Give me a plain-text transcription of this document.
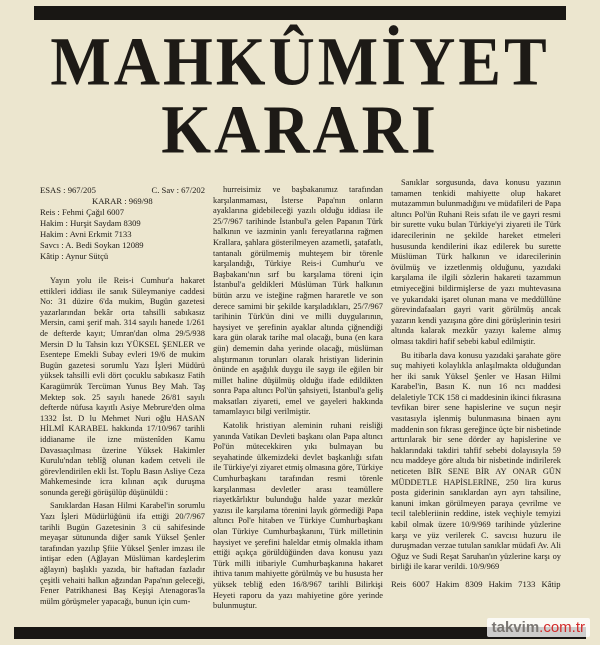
MAHKÛMİYET
KARARI
ESAS : 967/205	C. Sav : 67/202
KARAR : 969/98
Reis : Fehmi Çağıl 6007
Hakim : Hurşit Saydam 8309
Hakim : Avni Erkmit 7133
Savcı : A. Bedi Soykan 12089
Kâtip : Aynur Sütçü

Yayın yolu ile Reis-i Cumhur'a hakaret ettikleri iddiası ile sanık Süleymaniye caddesi No: 31 düzire 6'da mukim, Bugün gazetesi yazarlarından bekâr orta tahsilli sabıkasız Mersin, cami şerif mah. 314 sayılı hanede 1/261 de defterde kayıt; Umran'dan olma 29/5/938 Mersin D lu Tahsin kızı YÜKSEL ŞENLER ve Esentepe Emekli Subay evleri 19/6 de mukim Bugün gazetesi sorumlu Yazı İşleri Müdürü yüksek tahsilli evli dört çocuklu sabıkasız Fatih Karagümrük Tercüman Yunus Bey Mah. Taş Mektep sok. 25 sayılı hanede 26/81 sayılı defterde nüfusa kayıtlı Asiye Mebrure'den olma 1332 İst. D lu Mehmet Nuri oğlu HASAN HİLMİ KARABEL hakkında 17/10/967 tarihli iddianame ile izne müstenîden Kamu Davasıaçılması üzerine Yüksek Hakimler Kurulu'ndan teblîğ olunan kadem cetveli ile görevlendirilen ekli İst. Toplu Basın Asliye Ceza Mahkemesinde icra kılınan açık duruşma sonunda gereği görüşülüp düşünüldü :

Sanıklardan Hasan Hilmi Karabel'in sorumlu Yazı İşleri Müdürlüğünü ifa ettiği 20/7/967 tarihli Bugün Gazetesinin 3 cü sahifesinde meyaşar sütununda diğer sanık Yüksel Şenler tarafından yazılıp Şfiie Yüksel Şenler imzası ile intişar eden (Ağlayan Müslüman kardeşlerim ağlayın) başlıklı yazıda, bir haftadan fazladır çeşitli vehaiti halkın ağzından Papa'nın geleceği, Fener Patrikhanesi Baş Keşişi Atenagoras'la mülm görüşmeler yapacağı, bunun için cum-

hurreisimiz ve başbakanımız tarafından karşılanmaması, İsterse Papa'nın onların ayaklarına gidebileceği yazılı olduğu iddiası ile 25/7/967 tarihinde İstanbul'a gelen Papanın Türk halkının ve iazminin yanlı fereyatlarına rağmen Krallara, şahlara gösterilmeyen azametli, şatafatlı, tantanalı görülmemiş muhteşem bir törenle karşılandığı, Türkiye Reis-i Cumhur'u ve Başbakanı'nın sırf bu karşılama töreni için İstanbul'a geldikleri Müslüman Türk halkının bütün arzu ve isteğine rağmen hararetle ve son derece samimi bir şekilde karşıladıkları, 25/7/967 tarihinin Türk'ün dini ve milli duygularının, haysiyet ve şerefinin ayaklar altında çiğnendiği kara gün olarak tarihe mal olacağı, buna (en kara gün) dememin daha yerinde olacağı, müslüman alıştırmanın torunları olarak hristiyan liderinin önünde en aşağılık duygu ile saygı ile eğilen bir millet haline düşülmüş olduğu ifade edildikten sonra Papa altıncı Pol'ün şahsiyeti, İstanbul'a geliş maksatları ziyareti, emel ve gayeleri hakkında tamamlayıcı bilgi verilmiştir.

Katolik hristiyan aleminin ruhani reisliği yanında Vatikan Devleti başkanı olan Papa altıncı Pol'ün mütecekkiren yıkı bulmayan bu seyahatinde ülkemizdeki devlet başkanlığı sıfatı ile Türkiye'yi ziyaret etmiş olmasına göre, Türkiye Cumhurbaşkanı tarafından resmi törenle karşılanması devletler arası teamüllere riayetkârlıktır bulunduğu halde yazar mezkûr yazısı ile karşılama törenini layık görmediği Papa altıncı Pol'e hitaben ve Türkiye Cumhurbaşkanı olan Türkiye Cumhurbaşkanını, Türk milletinin haysiyet ve şerefini haleldar etmiş olmakla itham ettiği açıkça görüldüğünden dava konusu yazı Türk milli itibariyle Cumhurbaşkanına hakaret ihtiva tanım mahiyette görülmüş ve bu hususta her yüksek tebliğ eden 16/8/967 tarihli Bilirkişi Heyeti raporu da yazı mahiyetine göre yerinde bulunmuştur.

Sanıklar sorgusunda, dava konusu yazının tamamen tenkidi mahiyette olup hakaret mutazammın bulunmadığını ve müdafileri de Papa altıncı Pol'ün Ruhani Reis sıfatı ile ve gayri resmi bir surette vuku bulan Türkiye'yi ziyareti ile Türk idarecilerinin ne şekilde hareket etmeleri hususunda kendilerini ikaz edilerek bu surette Müslüman Türk halkının ve idarecilerinin övülmüş ve izzetlenmiş olduğunu, yazıdaki karşılama ile ilgili sözlerin hakareti tazammun etmiyeceğini bildirmişlerse de yazı muhtevasına ve yukarıdaki işaret olunan mana ve meddüllüne görevindafaaları gayri varit görülmüş ancak yazarın kendi yazışına göre dini görüşlerinin tesiri altında kalarak mezkûr yazıyı kaleme almış olması takdiri hafif sebebi kabul edilmiştir.

Bu itibarla dava konusu yazıdaki şarahate göre suç mahiyeti kolaylıkla anlaşılmakta olduğundan her iki sanık Yüksel Şenler ve Hasan Hilmi Karabel'in, Basın K. nun 16 ncı maddesi delaletiyle TCK 158 ci maddesinin ikinci fıkrasına tevfikan birer sene hapislerine ve suçun neşir vasıtasıyla işlenmiş bulunmasına binaen aynı maddenin son fıkrası gereğince üçte bir nisbetinde arttırılarak bir sene dörder ay hapislerine ve haklarındaki takdiri tahfif sebebi dolayısıyla 59 ncu maddeye göre altıda bir nisbetinde indirilerek neticeten BİR SENE BİR AY ONAR GÜN MÜDDETLE HAPİSLERİNE, 250 lira kurus posta giderinin sanıklardan ayrı ayrı tahsiline, kanuni imkan görülmeyen paraya çevrilme ve tecil talebleriinin reddine, istek veçhiyle temyizi kabil olmak üzere 10/9/969 tarihinde yüzlerine karşı ve yüz verilerek C. savcısı huzuru ile duruşmadan verzae tutulan sanıklar müdafi Av. Ali Oğuz ve Sudi Reşat Saruhan'ın yüzlerine karşı oy birliği ile karar verildi. 10/9/969

Reis 6007 Hakim 8309 Hakim 7133 Kâtip
takvim.com.tr
